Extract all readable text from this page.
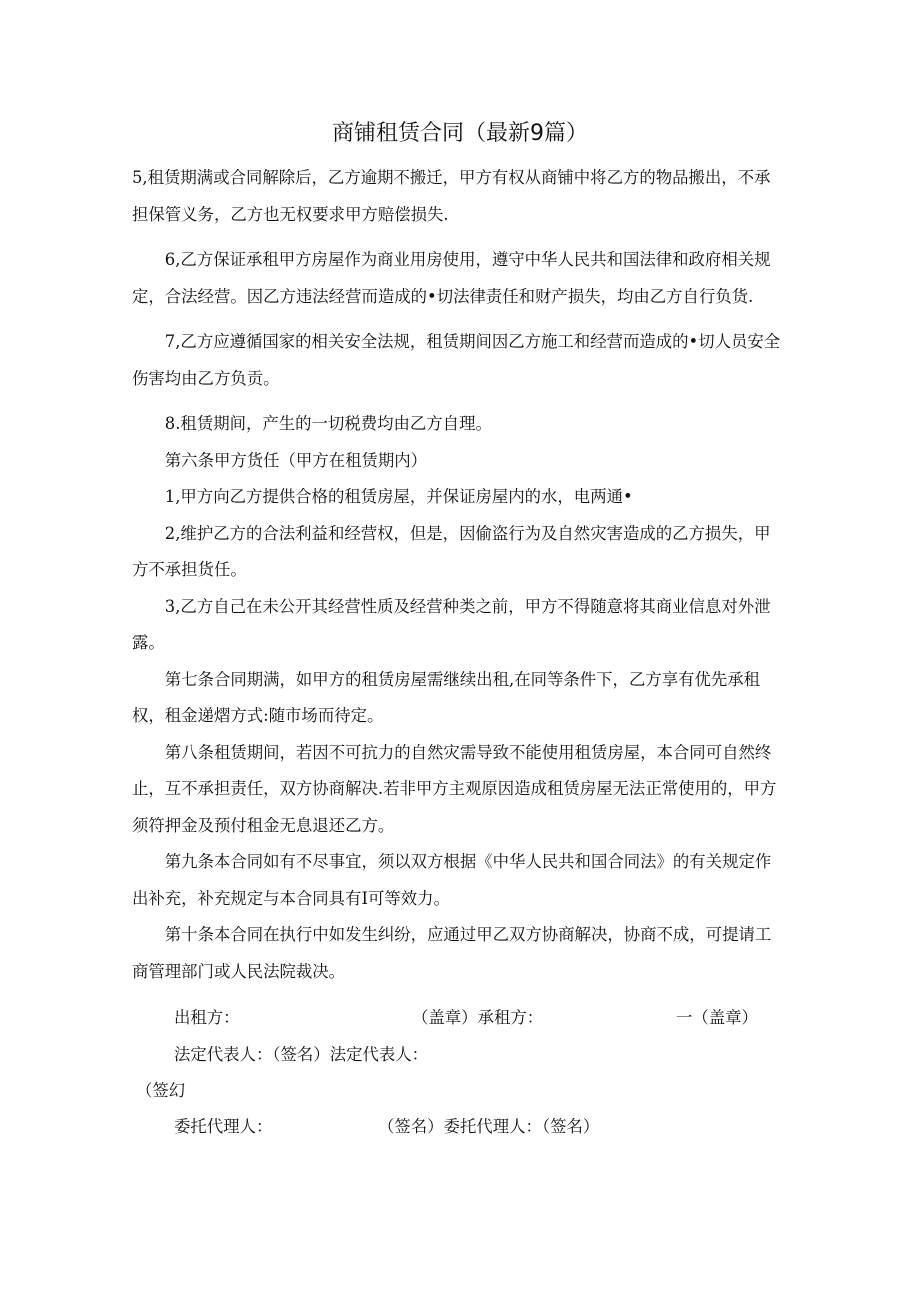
商铺租赁合同（最新9篇）

5,租赁期满或合同解除后，乙方逾期不搬迁，甲方有权从商铺中将乙方的物品搬出，不承担保管义务，乙方也无权要求甲方赔偿损失.

6,乙方保证承租甲方房屋作为商业用房使用，遵守中华人民共和国法律和政府相关规定，合法经营。因乙方违法经营而造成的•切法律责任和财产损失，均由乙方自行负货.

7,乙方应遵循国家的相关安全法规，租赁期间因乙方施工和经营而造成的•切人员安全伤害均由乙方负贡。

8.租赁期间，产生的一切税费均由乙方自理。

第六条甲方货任（甲方在租赁期内）

1,甲方向乙方提供合格的租赁房屋，并保证房屋内的水，电两通•

2,维护乙方的合法利益和经营权，但是，因偷盗行为及自然灾害造成的乙方损失，甲方不承担货任。

3,乙方自己在未公开其经营性质及经营种类之前，甲方不得随意将其商业信息对外泄露。

第七条合同期满，如甲方的租赁房屋需继续出租,在同等条件下，乙方享有优先承租权，租金递熠方式:随市场而待定。

第八条租赁期间，若因不可抗力的自然灾需导致不能使用租赁房屋，本合同可自然终止，互不承担责任，双方协商解决.若非甲方主观原因造成租赁房屋无法正常使用的，甲方须符押金及预付租金无息退还乙方。

第九条本合同如有不尽事宜，须以双方根据《中华人民共和国合同法》的有关规定作出补充，补充规定与本合同具有I可等效力。

第十条本合同在执行中如发生纠纷，应通过甲乙双方协商解决，协商不成，可提请工商管理部门或人民法院裁决。

出租方：	（盖章）承租方：	一（盖章）
法定代表人：（签名）法定代表人：
（签幻
委托代理人：	（签名）委托代理人：（签名）
